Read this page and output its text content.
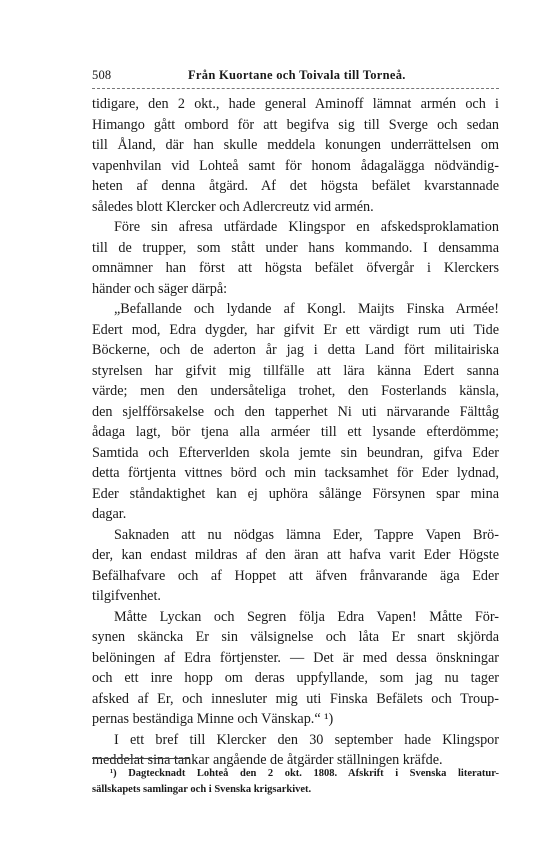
508	Från Kuortane och Toivala till Torneå.
tidigare, den 2 okt., hade general Aminoff lämnat armén och i
Himango gått ombord för att begifva sig till Sverge och sedan
till Åland, där han skulle meddela konungen underrättelsen om
vapenhvilan vid Lohteå samt för honom ådagalägga nödvändig-
heten af denna åtgärd. Af det högsta befälet kvarstannade
således blott Klercker och Adlercreutz vid armén.
Före sin afresa utfärdade Klingspor en afskedsproklamation
till de trupper, som stått under hans kommando. I densamma
omnämner han först att högsta befälet öfvergår i Klerckers
händer och säger därpå:
„Befallande och lydande af Kongl. Maijts Finska Armée!
Edert mod, Edra dygder, har gifvit Er ett värdigt rum uti Tide
Böckerne, och de aderton år jag i detta Land fört militairiska
styrelsen har gifvit mig tillfälle att lära känna Edert sanna
värde; men den undersåteliga trohet, den Fosterlands känsla,
den sjelfförsakelse och den tapperhet Ni uti närvarande Fälttåg
ådaga lagt, bör tjena alla arméer till ett lysande efterdömme;
Samtida och Efterverlden skola jemte sin beundran, gifva Eder
detta förtjenta vittnes börd och min tacksamhet för Eder lydnad,
Eder ståndaktighet kan ej uphöra sålänge Försynen spar mina
dagar.
Saknaden att nu nödgas lämna Eder, Tappre Vapen Brö-
der, kan endast mildras af den äran att hafva varit Eder Högste
Befälhafvare och af Hoppet att äfven frånvarande äga Eder
tilgifvenhet.
Måtte Lyckan och Segren följa Edra Vapen! Måtte För-
synen skäncka Er sin välsignelse och låta Er snart skjörda
belöningen af Edra förtjenster. — Det är med dessa önskningar
och ett inre hopp om deras uppfyllande, som jag nu tager
afsked af Er, och innesluter mig uti Finska Befälets och Troup-
pernas beständiga Minne och Vänskap.“ ¹)
I ett bref till Klercker den 30 september hade Klingspor
meddelat sina tankar angående de åtgärder ställningen kräfde.
¹) Dagtecknadt Lohteå den 2 okt. 1808. Afskrift i Svenska literatur-
sällskapets samlingar och i Svenska krigsarkivet.
